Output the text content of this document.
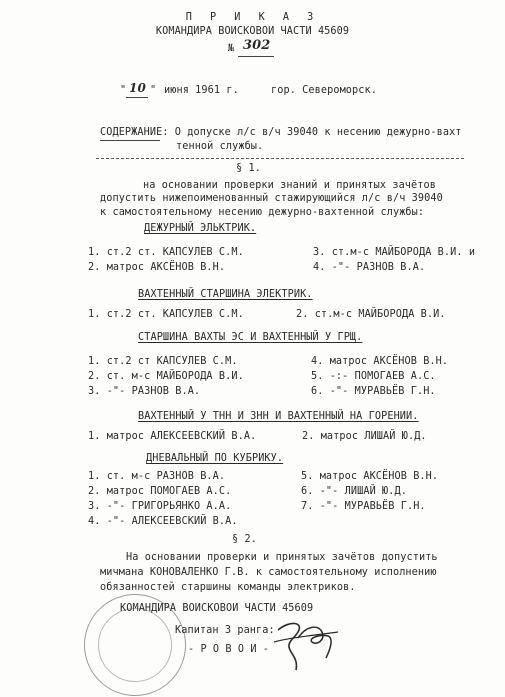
П Р И К А З
КОМАНДИРА ВОИСКОВОИ ЧАСТИ 45609
№ 302
" 10 " июня 1961 г.	гор. Североморск.
СОДЕРЖАНИЕ: О допуске л/с в/ч 39040 к несению дежурно-вахт
тенной службы.
§ 1.
на основании проверки знаний и принятых зачётов
допустить нижепоименованный стажирующийся л/с в/ч 39040
к самостоятельному несению дежурно-вахтенной службы:
ДЕЖУРНЫЙ ЭЛЬКТРИК.
1. ст.2 ст. КАПСУЛЕВ С.М.	3. ст.м-с МАЙБОРОДА В.И. и
2. матрос АКСЁНОВ В.Н.	4. -"- РАЗНОВ В.А.
ВАХТЕННЫЙ СТАРШИНА ЭЛЕКТРИК.
1. ст.2 ст. КАПСУЛЕВ С.М.	2. ст.м-с МАЙБОРОДА В.И.
СТАРШИНА ВАХТЫ ЭС И ВАХТЕННЫЙ У ГРЩ.
1. ст.2 ст КАПСУЛЕВ С.М.	4. матрос АКСЁНОВ В.Н.
2. ст. м-с МАЙБОРОДА В.И.	5. -:- ПОМОГАЕВ А.С.
3. -"- РАЗНОВ В.А.	6. -"- МУРАВЬЁВ Г.Н.
ВАХТЕННЫЙ У ТНН И ЗНН И ВАХТЕННЫЙ НА ГОРЕНИИ.
1. матрос АЛЕКСЕЕВСКИЙ В.А.	2. матрос ЛИШАЙ Ю.Д.
ДНЕВАЛЬНЫЙ ПО КУБРИКУ.
1. ст. м-с РАЗНОВ В.А.	5. матрос АКСЁНОВ В.Н.
2. матрос ПОМОГАЕВ А.С.	6. -"- ЛИШАЙ Ю.Д.
3. -"- ГРИГОРЬЯНКО А.А.	7. -"- МУРАВЬЁВ Г.Н.
4. -"- АЛЕКСЕЕВСКИЙ В.А.
§ 2.
На основании проверки и принятых зачётов допустить
мичмана КОНОВАЛЕНКО Г.В. к самостоятельному исполнению
обязанностей старшины команды электриков.
КОМАНДИРА ВОИСКОВОИ ЧАСТИ 45609
Капитан 3 ранга:
- Р О В О И -
